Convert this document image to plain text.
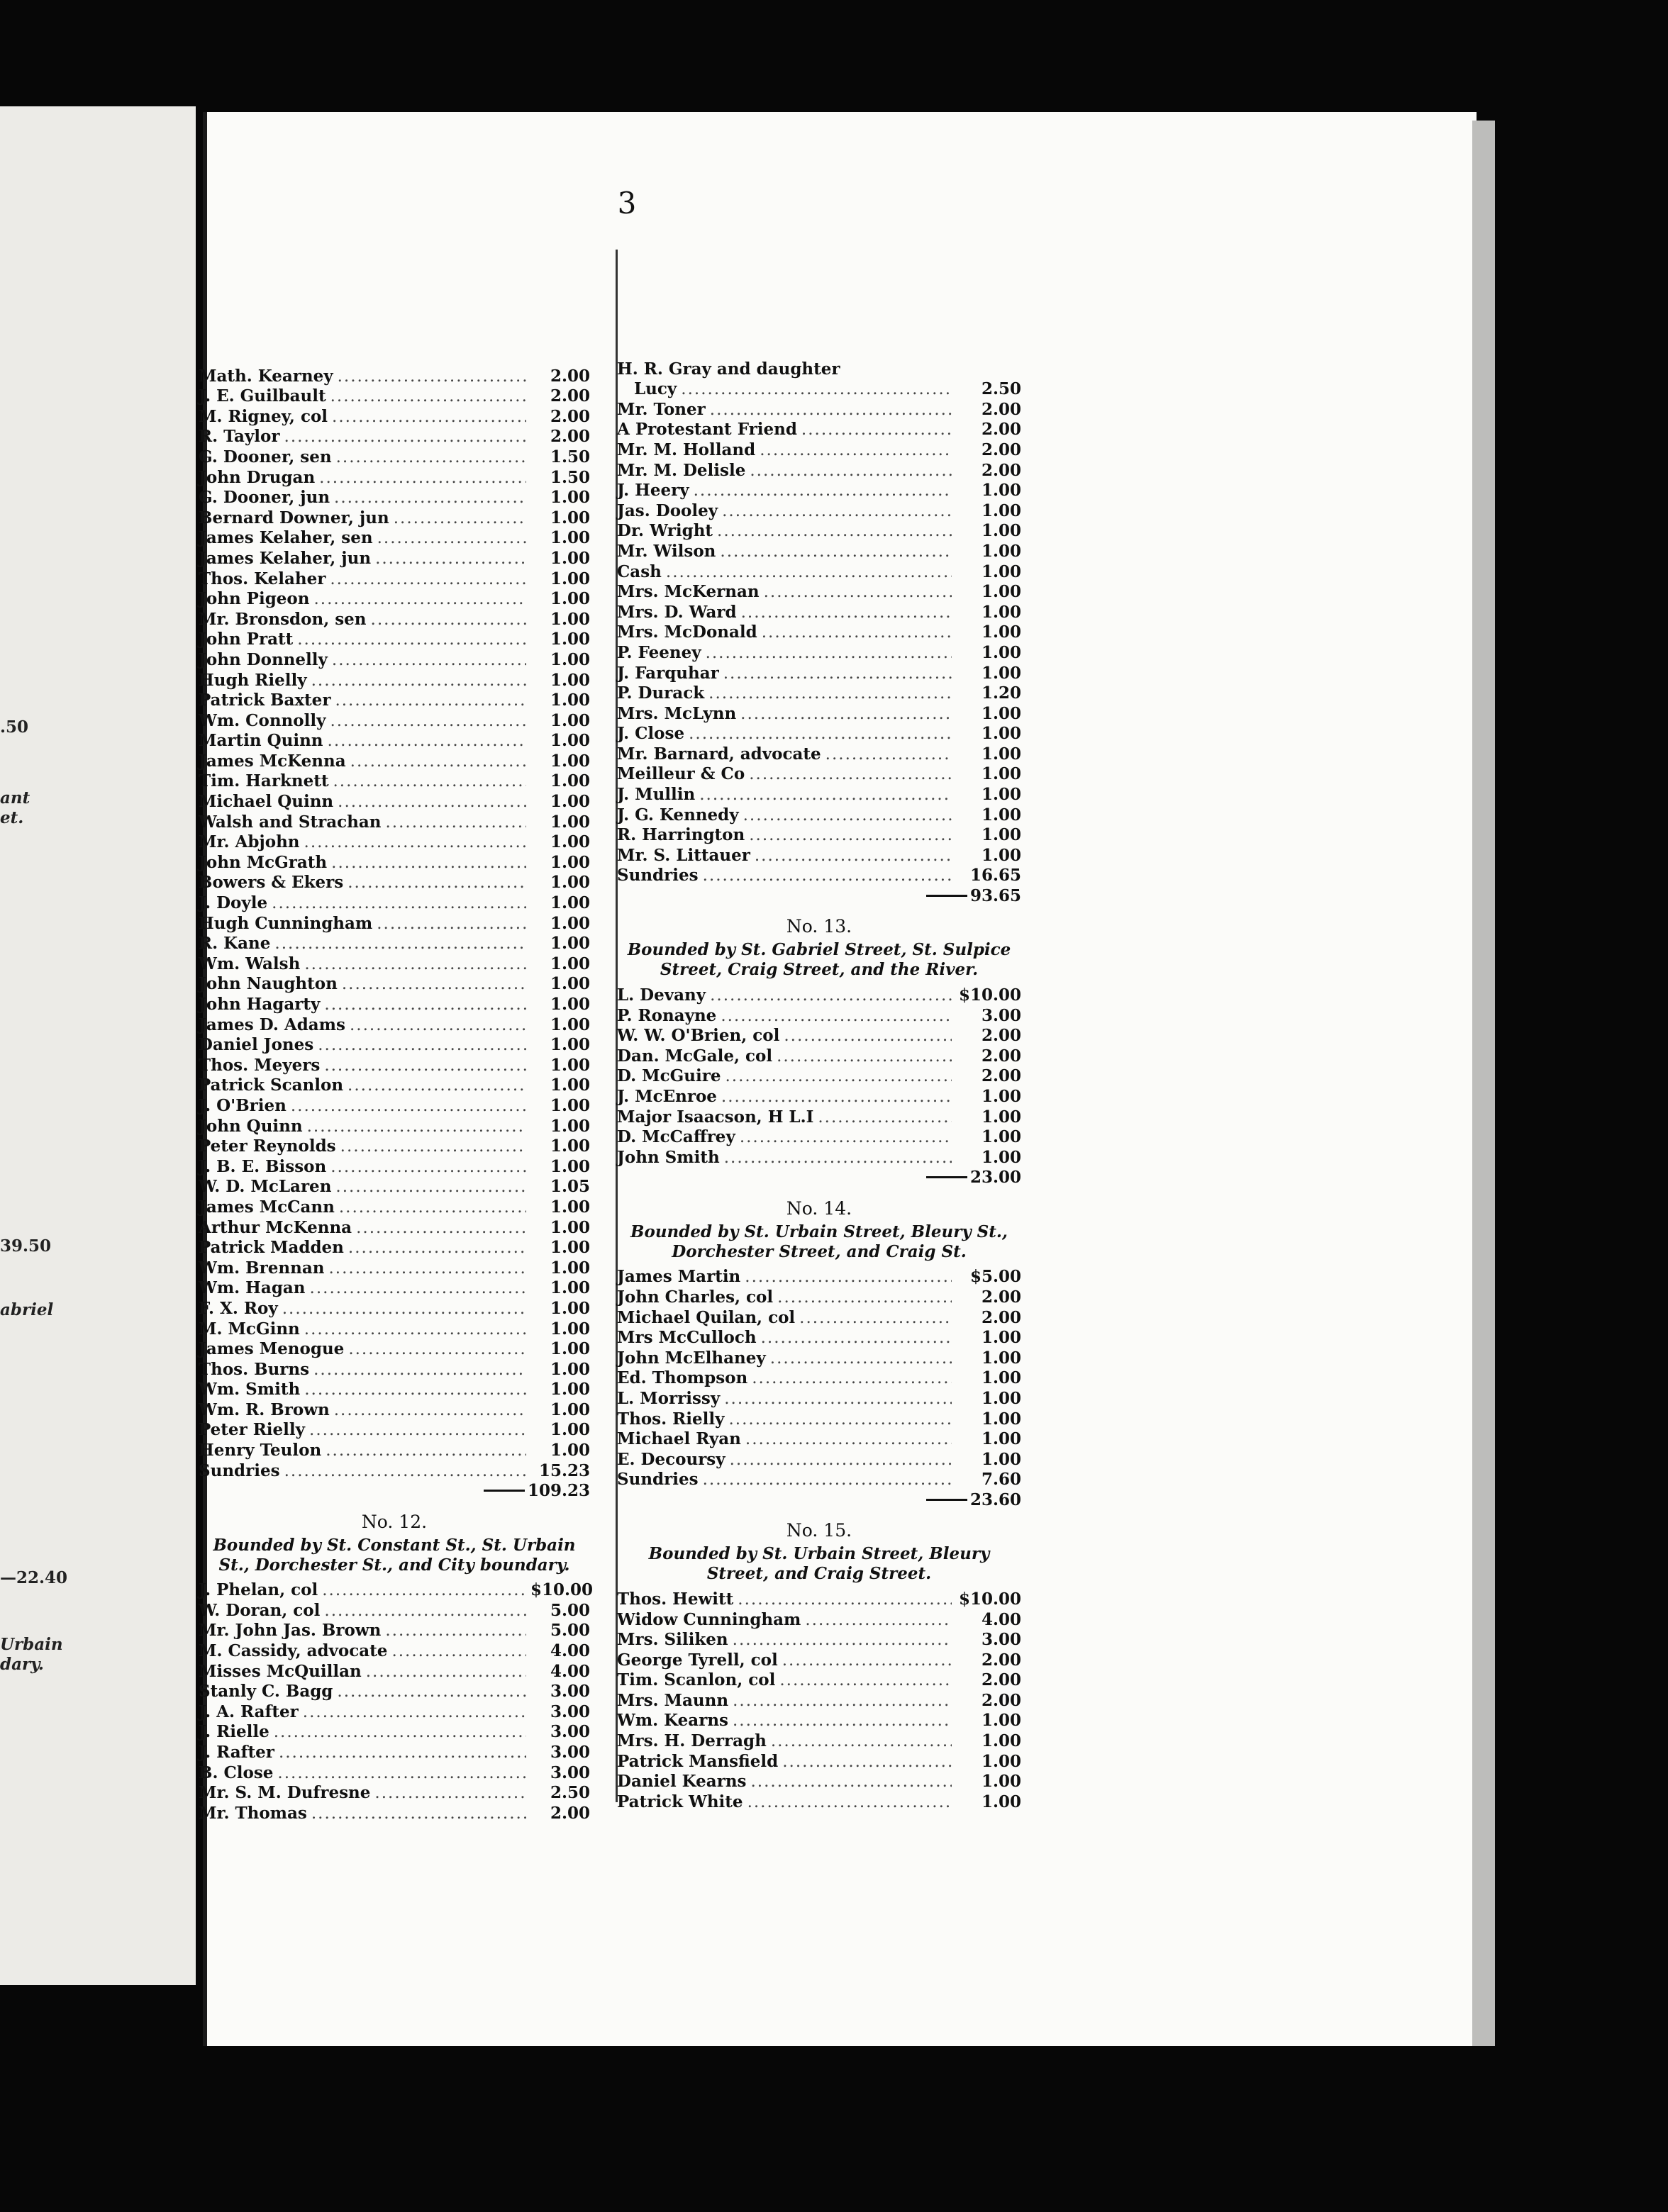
.50
ant
et.
39.50
abriel
—22.40
Urbain
dary.
3
Math. Kearney .....	2.00
J. E. Guilbault .....	2.00
M. Rigney, col .....	2.00
R. Taylor .....	2.00
G. Dooner, sen .....	1.50
John Drugan .....	1.50
G. Dooner, jun .....	1.00
Bernard Downer, jun .....	1.00
James Kelaher, sen .....	1.00
James Kelaher, jun .....	1.00
Thos. Kelaher .....	1.00
John Pigeon .....	1.00
Mr. Bronsdon, sen .....	1.00
John Pratt .....	1.00
John Donnelly .....	1.00
Hugh Rielly .....	1.00
Patrick Baxter .....	1.00
Wm. Connolly .....	1.00
Martin Quinn .....	1.00
James McKenna .....	1.00
Tim. Harknett .....	1.00
Michael Quinn .....	1.00
Walsh and Strachan .....	1.00
Mr. Abjohn .....	1.00
John McGrath .....	1.00
Bowers & Ekers .....	1.00
J. Doyle .....	1.00
Hugh Cunningham .....	1.00
R. Kane .....	1.00
Wm. Walsh .....	1.00
John Naughton .....	1.00
John Hagarty .....	1.00
James D. Adams .....	1.00
Daniel Jones .....	1.00
Thos. Meyers .....	1.00
Patrick Scanlon .....	1.00
J. O'Brien .....	1.00
John Quinn .....	1.00
Peter Reynolds .....	1.00
J. B. E. Bisson .....	1.00
W. D. McLaren .....	1.05
James McCann .....	1.00
Arthur McKenna .....	1.00
Patrick Madden .....	1.00
Wm. Brennan .....	1.00
Wm. Hagan .....	1.00
F. X. Roy .....	1.00
M. McGinn .....	1.00
James Menogue .....	1.00
Thos. Burns .....	1.00
Wm. Smith .....	1.00
Wm. R. Brown .....	1.00
Peter Rielly .....	1.00
Henry Teulon .....	1.00
Sundries .....	15.23
109.23
No. 12.
Bounded by St. Constant St., St. Urbain St., Dorchester St., and City boundary.
J. Phelan, col .....	$10.00
W. Doran, col .....	5.00
Mr. John Jas. Brown .....	5.00
M. Cassidy, advocate .....	4.00
Misses McQuillan .....	4.00
Stanly C. Bagg .....	3.00
J. A. Rafter .....	3.00
J. Rielle .....	3.00
J. Rafter .....	3.00
B. Close .....	3.00
Mr. S. M. Dufresne .....	2.50
Mr. Thomas .....	2.00
H. R. Gray and daughter
Lucy .....	2.50
Mr. Toner .....	2.00
A Protestant Friend .....	2.00
Mr. M. Holland .....	2.00
Mr. M. Delisle .....	2.00
J. Heery .....	1.00
Jas. Dooley .....	1.00
Dr. Wright .....	1.00
Mr. Wilson .....	1.00
Cash .....	1.00
Mrs. McKernan .....	1.00
Mrs. D. Ward .....	1.00
Mrs. McDonald .....	1.00
P. Feeney .....	1.00
J. Farquhar .....	1.00
P. Durack .....	1.20
Mrs. McLynn .....	1.00
J. Close .....	1.00
Mr. Barnard, advocate .....	1.00
Meilleur & Co .....	1.00
J. Mullin .....	1.00
J. G. Kennedy .....	1.00
R. Harrington .....	1.00
Mr. S. Littauer .....	1.00
Sundries .....	16.65
93.65
No. 13.
Bounded by St. Gabriel Street, St. Sulpice Street, Craig Street, and the River.
L. Devany .....	$10.00
P. Ronayne .....	3.00
W. W. O'Brien, col .....	2.00
Dan. McGale, col .....	2.00
D. McGuire .....	2.00
J. McEnroe .....	1.00
Major Isaacson, H L.I .....	1.00
D. McCaffrey .....	1.00
John Smith .....	1.00
23.00
No. 14.
Bounded by St. Urbain Street, Bleury St., Dorchester Street, and Craig St.
James Martin .....	$5.00
John Charles, col .....	2.00
Michael Quilan, col .....	2.00
Mrs McCulloch .....	1.00
John McElhaney .....	1.00
Ed. Thompson .....	1.00
L. Morrissy .....	1.00
Thos. Rielly .....	1.00
Michael Ryan .....	1.00
E. Decoursy .....	1.00
Sundries .....	7.60
23.60
No. 15.
Bounded by St. Urbain Street, Bleury Street, and Craig Street.
Thos. Hewitt .....	$10.00
Widow Cunningham .....	4.00
Mrs. Siliken .....	3.00
George Tyrell, col .....	2.00
Tim. Scanlon, col .....	2.00
Mrs. Maunn .....	2.00
Wm. Kearns .....	1.00
Mrs. H. Derragh .....	1.00
Patrick Mansfield .....	1.00
Daniel Kearns .....	1.00
Patrick White .....	1.00
